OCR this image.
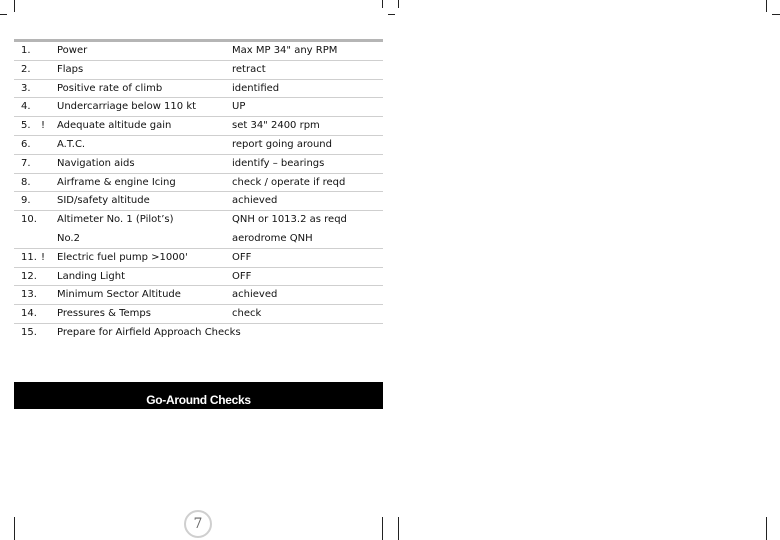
1.	Power	Max MP 34" any RPM
2.	Flaps	retract
3.	Positive rate of climb	identified
4.	Undercarriage below 110 kt	UP
5. ! Adequate altitude gain	set 34" 2400 rpm
6.	A.T.C.	report going around
7.	Navigation aids	identify – bearings
8.	Airframe & engine Icing	check / operate if reqd
9.	SID/safety altitude	achieved
10. Altimeter No. 1 (Pilot’s)	QNH or 1013.2 as reqd
No.2	aerodrome QNH
11. ! Electric fuel pump >1000'	OFF
12. Landing Light	OFF
13. Minimum Sector Altitude	achieved
14. Pressures & Temps	check
15. Prepare for Airfield Approach Checks
Go-Around Checks
7
